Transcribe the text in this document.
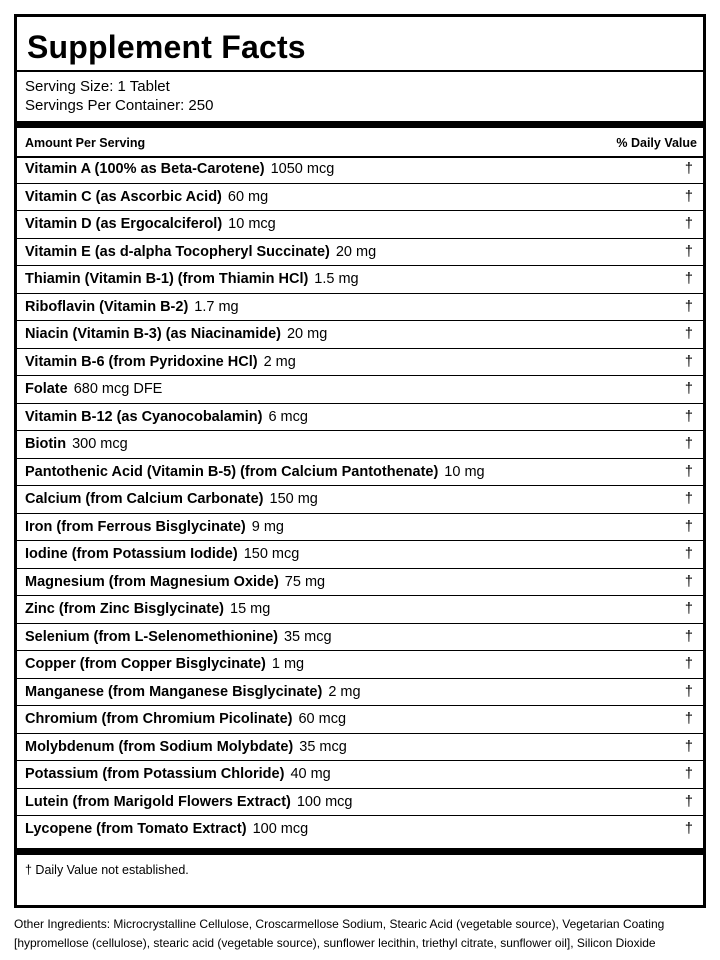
Supplement Facts
Serving Size: 1 Tablet
Servings Per Container: 250
Amount Per Serving	% Daily Value
Vitamin A (100% as Beta-Carotene) 1050 mcg	†
Vitamin C (as Ascorbic Acid) 60 mg	†
Vitamin D (as Ergocalciferol) 10 mcg	†
Vitamin E (as d-alpha Tocopheryl Succinate) 20 mg	†
Thiamin (Vitamin B-1) (from Thiamin HCl) 1.5 mg	†
Riboflavin (Vitamin B-2) 1.7 mg	†
Niacin (Vitamin B-3) (as Niacinamide) 20 mg	†
Vitamin B-6 (from Pyridoxine HCl) 2 mg	†
Folate 680 mcg DFE	†
Vitamin B-12 (as Cyanocobalamin) 6 mcg	†
Biotin 300 mcg	†
Pantothenic Acid (Vitamin B-5) (from Calcium Pantothenate) 10 mg	†
Calcium (from Calcium Carbonate) 150 mg	†
Iron (from Ferrous Bisglycinate) 9 mg	†
Iodine (from Potassium Iodide) 150 mcg	†
Magnesium (from Magnesium Oxide) 75 mg	†
Zinc (from Zinc Bisglycinate) 15 mg	†
Selenium (from L-Selenomethionine) 35 mcg	†
Copper (from Copper Bisglycinate) 1 mg	†
Manganese (from Manganese Bisglycinate) 2 mg	†
Chromium (from Chromium Picolinate) 60 mcg	†
Molybdenum (from Sodium Molybdate) 35 mcg	†
Potassium (from Potassium Chloride) 40 mg	†
Lutein (from Marigold Flowers Extract) 100 mcg	†
Lycopene (from Tomato Extract) 100 mcg	†
† Daily Value not established.
Other Ingredients: Microcrystalline Cellulose, Croscarmellose Sodium, Stearic Acid (vegetable source), Vegetarian Coating [hypromellose (cellulose), stearic acid (vegetable source), sunflower lecithin, triethyl citrate, sunflower oil], Silicon Dioxide
